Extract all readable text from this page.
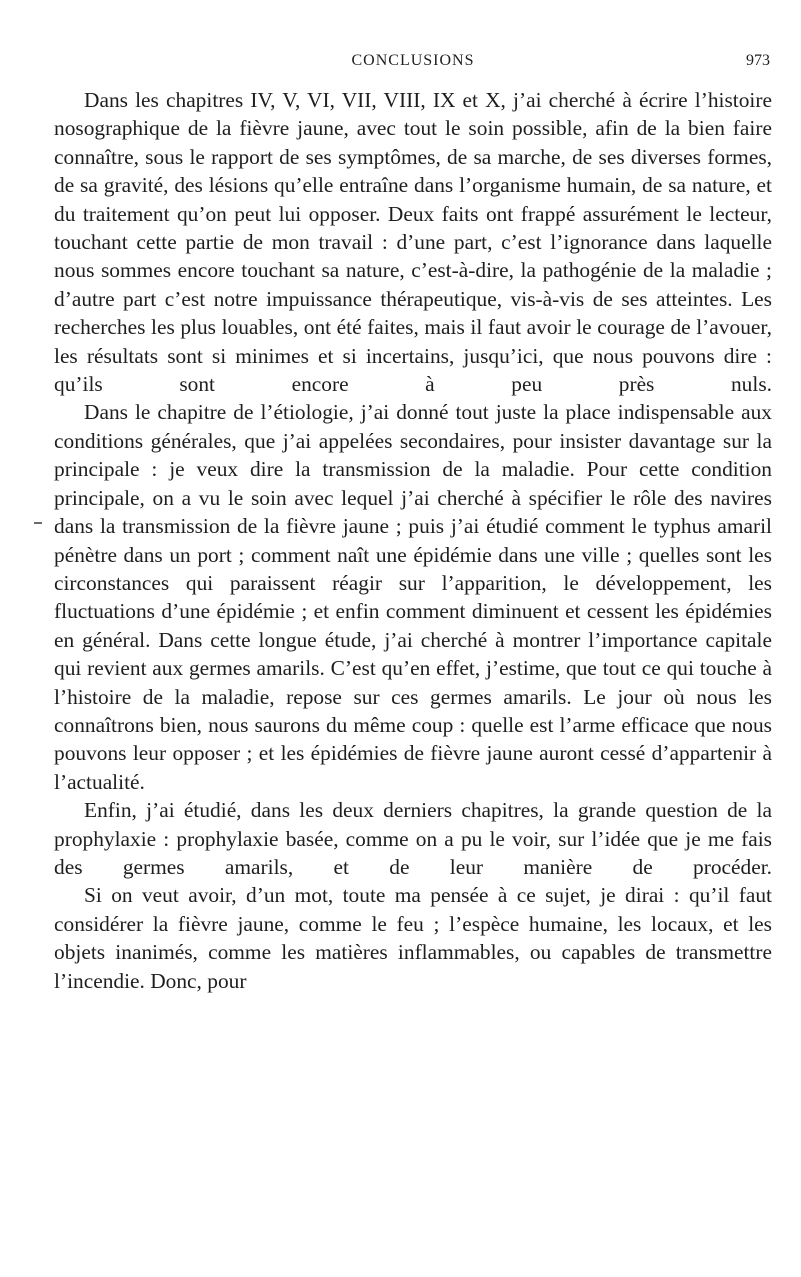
CONCLUSIONS	973

Dans les chapitres IV, V, VI, VII, VIII, IX et X, j’ai cherché à écrire l’histoire nosographique de la fièvre jaune, avec tout le soin possible, afin de la bien faire connaître, sous le rapport de ses symptômes, de sa marche, de ses diverses formes, de sa gravité, des lésions qu’elle entraîne dans l’organisme humain, de sa nature, et du traitement qu’on peut lui opposer. Deux faits ont frappé assurément le lecteur, touchant cette partie de mon travail : d’une part, c’est l’ignorance dans laquelle nous sommes encore touchant sa nature, c’est-à-dire, la pathogénie de la maladie ; d’autre part c’est notre impuissance thérapeutique, vis-à-vis de ses atteintes. Les recherches les plus louables, ont été faites, mais il faut avoir le courage de l’avouer, les résultats sont si minimes et si incertains, jusqu’ici, que nous pouvons dire : qu’ils sont encore à peu près nuls.

Dans le chapitre de l’étiologie, j’ai donné tout juste la place indispensable aux conditions générales, que j’ai appelées secondaires, pour insister davantage sur la principale : je veux dire la transmission de la maladie. Pour cette condition principale, on a vu le soin avec lequel j’ai cherché à spécifier le rôle des navires dans la transmission de la fièvre jaune ; puis j’ai étudié comment le typhus amaril pénètre dans un port ; comment naît une épidémie dans une ville ; quelles sont les circonstances qui paraissent réagir sur l’apparition, le développement, les fluctuations d’une épidémie ; et enfin comment diminuent et cessent les épidémies en général. Dans cette longue étude, j’ai cherché à montrer l’importance capitale qui revient aux germes amarils. C’est qu’en effet, j’estime, que tout ce qui touche à l’histoire de la maladie, repose sur ces germes amarils. Le jour où nous les connaîtrons bien, nous saurons du même coup : quelle est l’arme efficace que nous pouvons leur opposer ; et les épidémies de fièvre jaune auront cessé d’appartenir à l’actualité.

Enfin, j’ai étudié, dans les deux derniers chapitres, la grande question de la prophylaxie : prophylaxie basée, comme on a pu le voir, sur l’idée que je me fais des germes amarils, et de leur manière de procéder.

Si on veut avoir, d’un mot, toute ma pensée à ce sujet, je dirai : qu’il faut considérer la fièvre jaune, comme le feu ; l’espèce humaine, les locaux, et les objets inanimés, comme les matières inflammables, ou capables de transmettre l’incendie. Donc, pour
